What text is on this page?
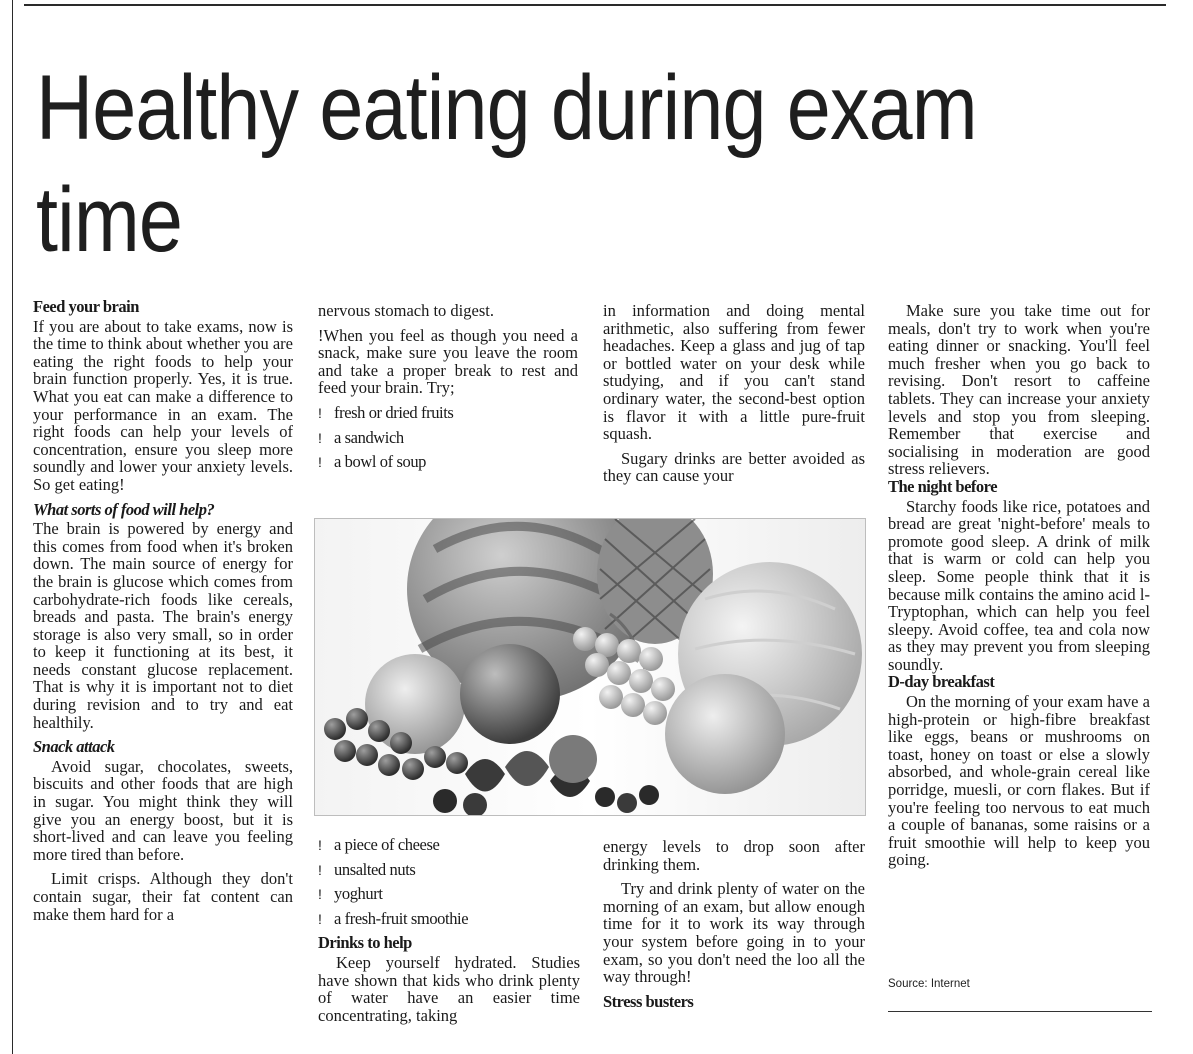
Healthy eating during exam time
Feed your brain

If you are about to take exams, now is the time to think about whether you are eating the right foods to help your brain function properly. Yes, it is true. What you eat can make a difference to your performance in an exam. The right foods can help your levels of concentration, ensure you sleep more soundly and lower your anxiety levels. So get eating!

What sorts of food will help?

The brain is powered by energy and this comes from food when it's broken down. The main source of energy for the brain is glucose which comes from carbohydrate-rich foods like cereals, breads and pasta. The brain's energy storage is also very small, so in order to keep it functioning at its best, it needs constant glucose replacement. That is why it is important not to diet during revision and to try and eat healthily.

Snack attack

Avoid sugar, chocolates, sweets, biscuits and other foods that are high in sugar. You might think they will give you an energy boost, but it is short-lived and can leave you feeling more tired than before.

Limit crisps. Although they don't contain sugar, their fat content can make them hard for a

nervous stomach to digest.

!When you feel as though you need a snack, make sure you leave the room and take a proper break to rest and feed your brain. Try;

! fresh or dried fruits
! a sandwich
! a bowl of soup
! a piece of cheese
! unsalted nuts
! yoghurt
! a fresh-fruit smoothie
Drinks to help

Keep yourself hydrated. Studies have shown that kids who drink plenty of water have an easier time concentrating, taking

in information and doing mental arithmetic, also suffering from fewer headaches. Keep a glass and jug of tap or bottled water on your desk while studying, and if you can't stand ordinary water, the second-best option is flavor it with a little pure-fruit squash.

Sugary drinks are better avoided as they can cause your

energy levels to drop soon after drinking them.

Try and drink plenty of water on the morning of an exam, but allow enough time for it to work its way through your system before going in to your exam, so you don't need the loo all the way through!

Stress busters

Make sure you take time out for meals, don't try to work when you're eating dinner or snacking. You'll feel much fresher when you go back to revising. Don't resort to caffeine tablets. They can increase your anxiety levels and stop you from sleeping. Remember that exercise and socialising in moderation are good stress relievers.

The night before

Starchy foods like rice, potatoes and bread are great 'night-before' meals to promote good sleep. A drink of milk that is warm or cold can help you sleep. Some people think that it is because milk contains the amino acid l-Tryptophan, which can help you feel sleepy. Avoid coffee, tea and cola now as they may prevent you from sleeping soundly.

D-day breakfast

On the morning of your exam have a high-protein or high-fibre breakfast like eggs, beans or mushrooms on toast, honey on toast or else a slowly absorbed, and whole-grain cereal like porridge, muesli, or corn flakes. But if you're feeling too nervous to eat much a couple of bananas, some raisins or a fruit smoothie will help to keep you going.

Source: Internet
